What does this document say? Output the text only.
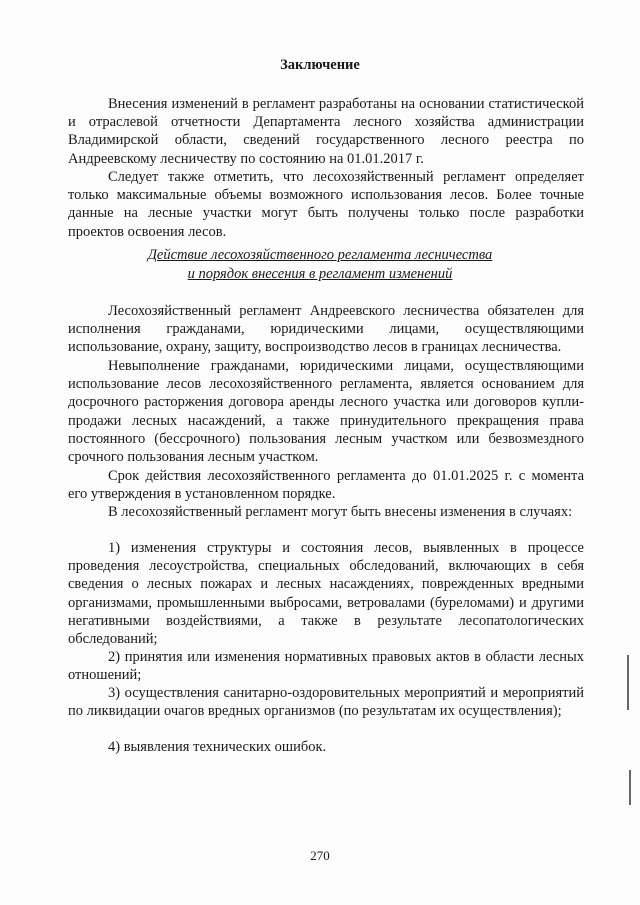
Заключение
Внесения изменений в регламент разработаны на основании статистической и отраслевой отчетности Департамента лесного хозяйства администрации Владимирской области, сведений государственного лесного реестра по Андреевскому лесничеству по состоянию на 01.01.2017 г.
Следует также отметить, что лесохозяйственный регламент определяет только максимальные объемы возможного использования лесов. Более точные данные на лесные участки могут быть получены только после разработки проектов освоения лесов.
Действие лесохозяйственного регламента лесничества
и порядок внесения в регламент изменений
Лесохозяйственный регламент Андреевского лесничества обязателен для исполнения гражданами, юридическими лицами, осуществляющими использование, охрану, защиту, воспроизводство лесов в границах лесничества.
Невыполнение гражданами, юридическими лицами, осуществляющими использование лесов лесохозяйственного регламента, является основанием для досрочного расторжения договора аренды лесного участка или договоров купли-продажи лесных насаждений, а также принудительного прекращения права постоянного (бессрочного) пользования лесным участком или безвозмездного срочного пользования лесным участком.
Срок действия лесохозяйственного регламента до 01.01.2025 г. с момента его утверждения в установленном порядке.
В лесохозяйственный регламент могут быть внесены изменения в случаях:
1) изменения структуры и состояния лесов, выявленных в процессе проведения лесоустройства, специальных обследований, включающих в себя сведения о лесных пожарах и лесных насаждениях, поврежденных вредными организмами, промышленными выбросами, ветровалами (буреломами) и другими негативными воздействиями, а также в результате лесопатологических обследований;
2) принятия или изменения нормативных правовых актов в области лесных отношений;
3) осуществления санитарно-оздоровительных мероприятий и мероприятий по ликвидации очагов вредных организмов (по результатам их осуществления);
4) выявления технических ошибок.
270
